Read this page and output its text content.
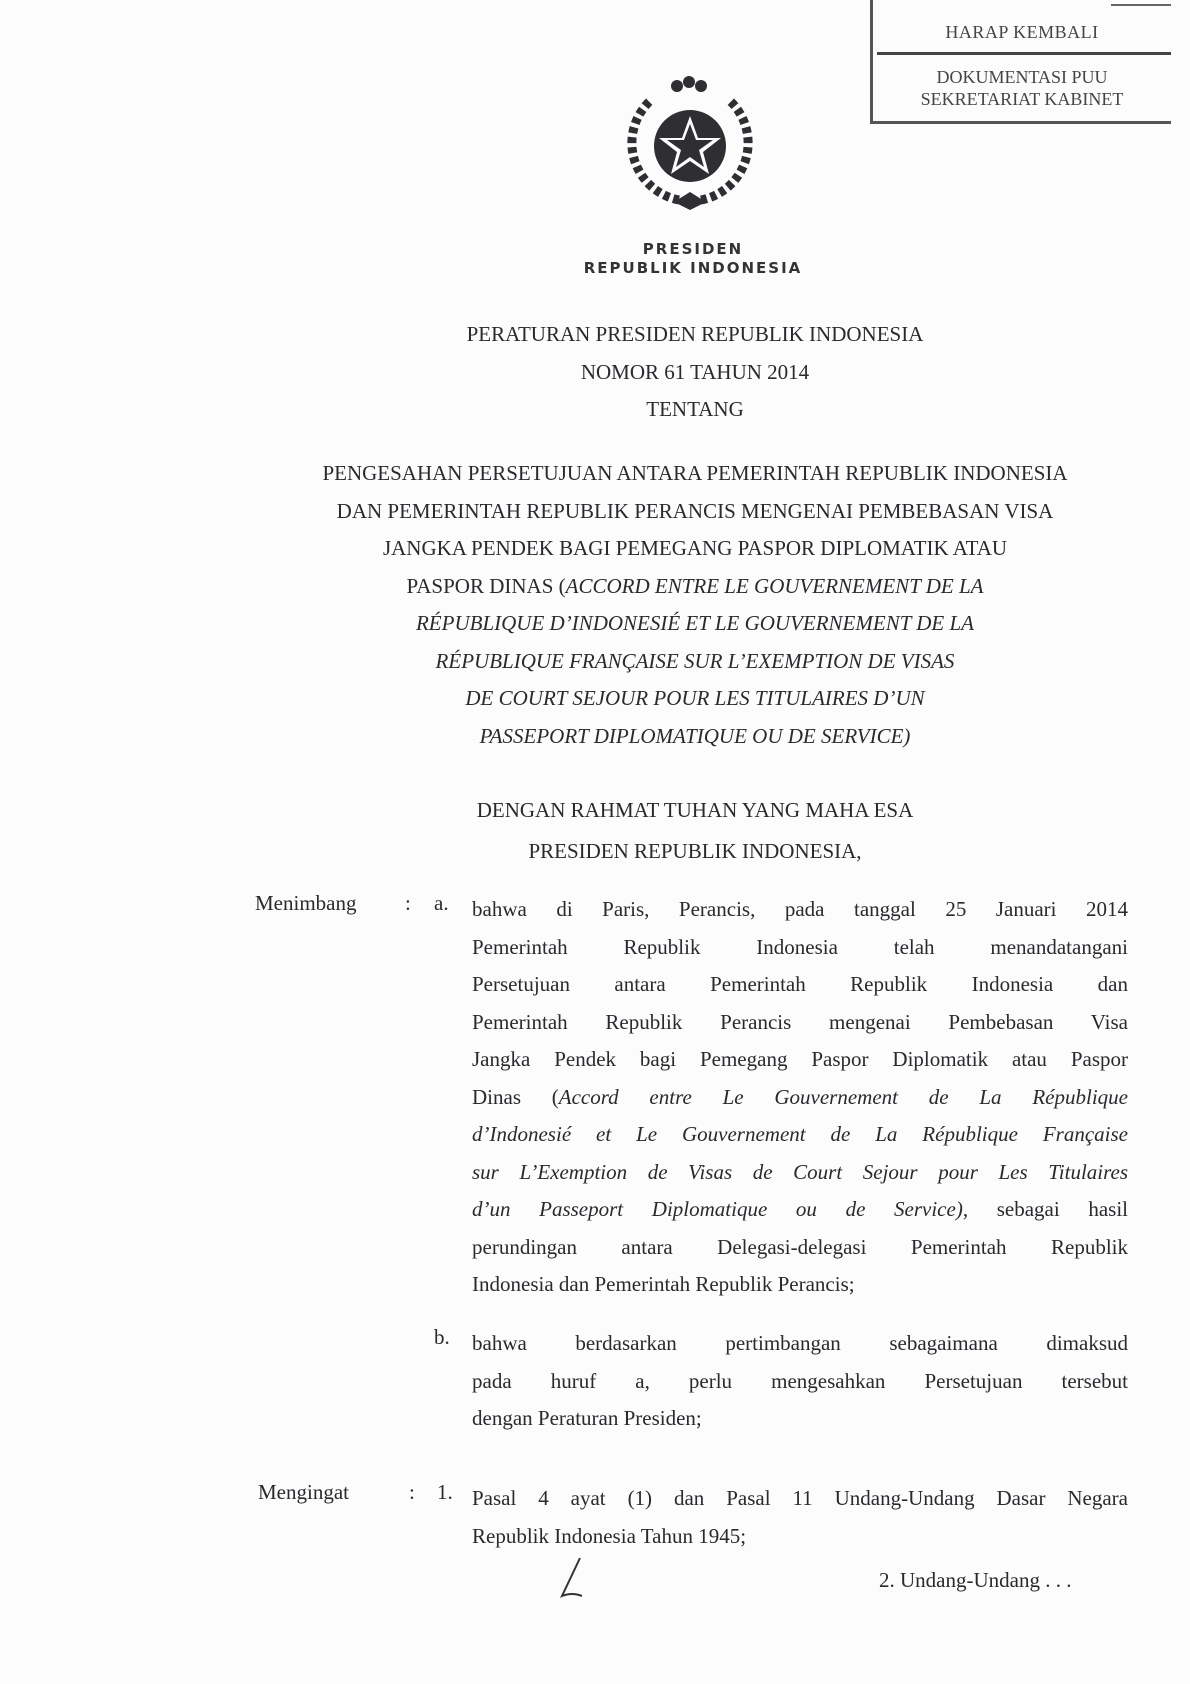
HARAP KEMBALI
DOKUMENTASI PUU
SEKRETARIAT KABINET
PRESIDEN
REPUBLIK INDONESIA
PERATURAN PRESIDEN REPUBLIK INDONESIA
NOMOR 61 TAHUN 2014
TENTANG
PENGESAHAN PERSETUJUAN ANTARA PEMERINTAH REPUBLIK INDONESIA
DAN PEMERINTAH REPUBLIK PERANCIS MENGENAI PEMBEBASAN VISA
JANGKA PENDEK BAGI PEMEGANG PASPOR DIPLOMATIK ATAU
PASPOR DINAS (ACCORD ENTRE LE GOUVERNEMENT DE LA
RÉPUBLIQUE D’INDONESIÉ ET LE GOUVERNEMENT DE LA
RÉPUBLIQUE FRANÇAISE SUR L’EXEMPTION DE VISAS
DE COURT SEJOUR POUR LES TITULAIRES D’UN
PASSEPORT DIPLOMATIQUE OU DE SERVICE)
DENGAN RAHMAT TUHAN YANG MAHA ESA
PRESIDEN REPUBLIK INDONESIA,
Menimbang : a. bahwa di Paris, Perancis, pada tanggal 25 Januari 2014
Pemerintah Republik Indonesia telah menandatangani
Persetujuan antara Pemerintah Republik Indonesia dan
Pemerintah Republik Perancis mengenai Pembebasan Visa
Jangka Pendek bagi Pemegang Paspor Diplomatik atau Paspor
Dinas (Accord entre Le Gouvernement de La République
d’Indonesié et Le Gouvernement de La République Française
sur L’Exemption de Visas de Court Sejour pour Les Titulaires
d’un Passeport Diplomatique ou de Service), sebagai hasil
perundingan antara Delegasi-delegasi Pemerintah Republik
Indonesia dan Pemerintah Republik Perancis;
b. bahwa berdasarkan pertimbangan sebagaimana dimaksud
pada huruf a, perlu mengesahkan Persetujuan tersebut
dengan Peraturan Presiden;
Mengingat	: 1. Pasal 4 ayat (1) dan Pasal 11 Undang-Undang Dasar Negara
Republik Indonesia Tahun 1945;
2. Undang-Undang . . .
